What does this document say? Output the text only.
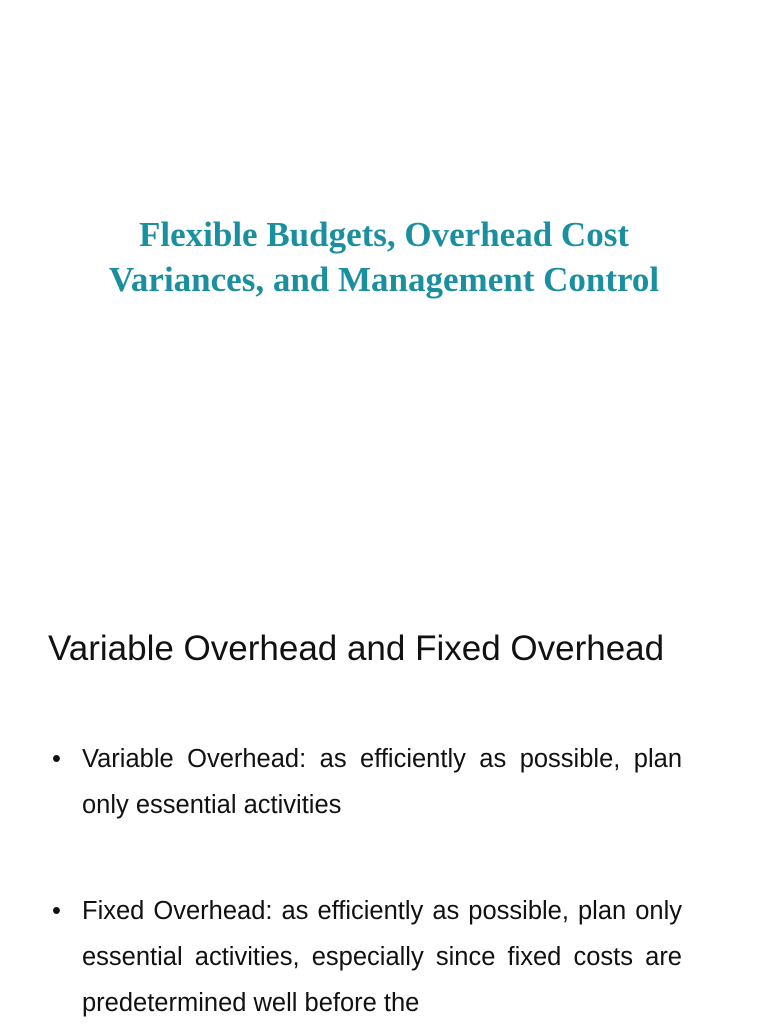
Flexible Budgets, Overhead Cost
Variances, and Management Control
Variable Overhead and Fixed Overhead
• Variable Overhead: as efficiently as possible, plan only essential activities
• Fixed Overhead: as efficiently as possible, plan only essential activities, especially since fixed costs are predetermined well before the
